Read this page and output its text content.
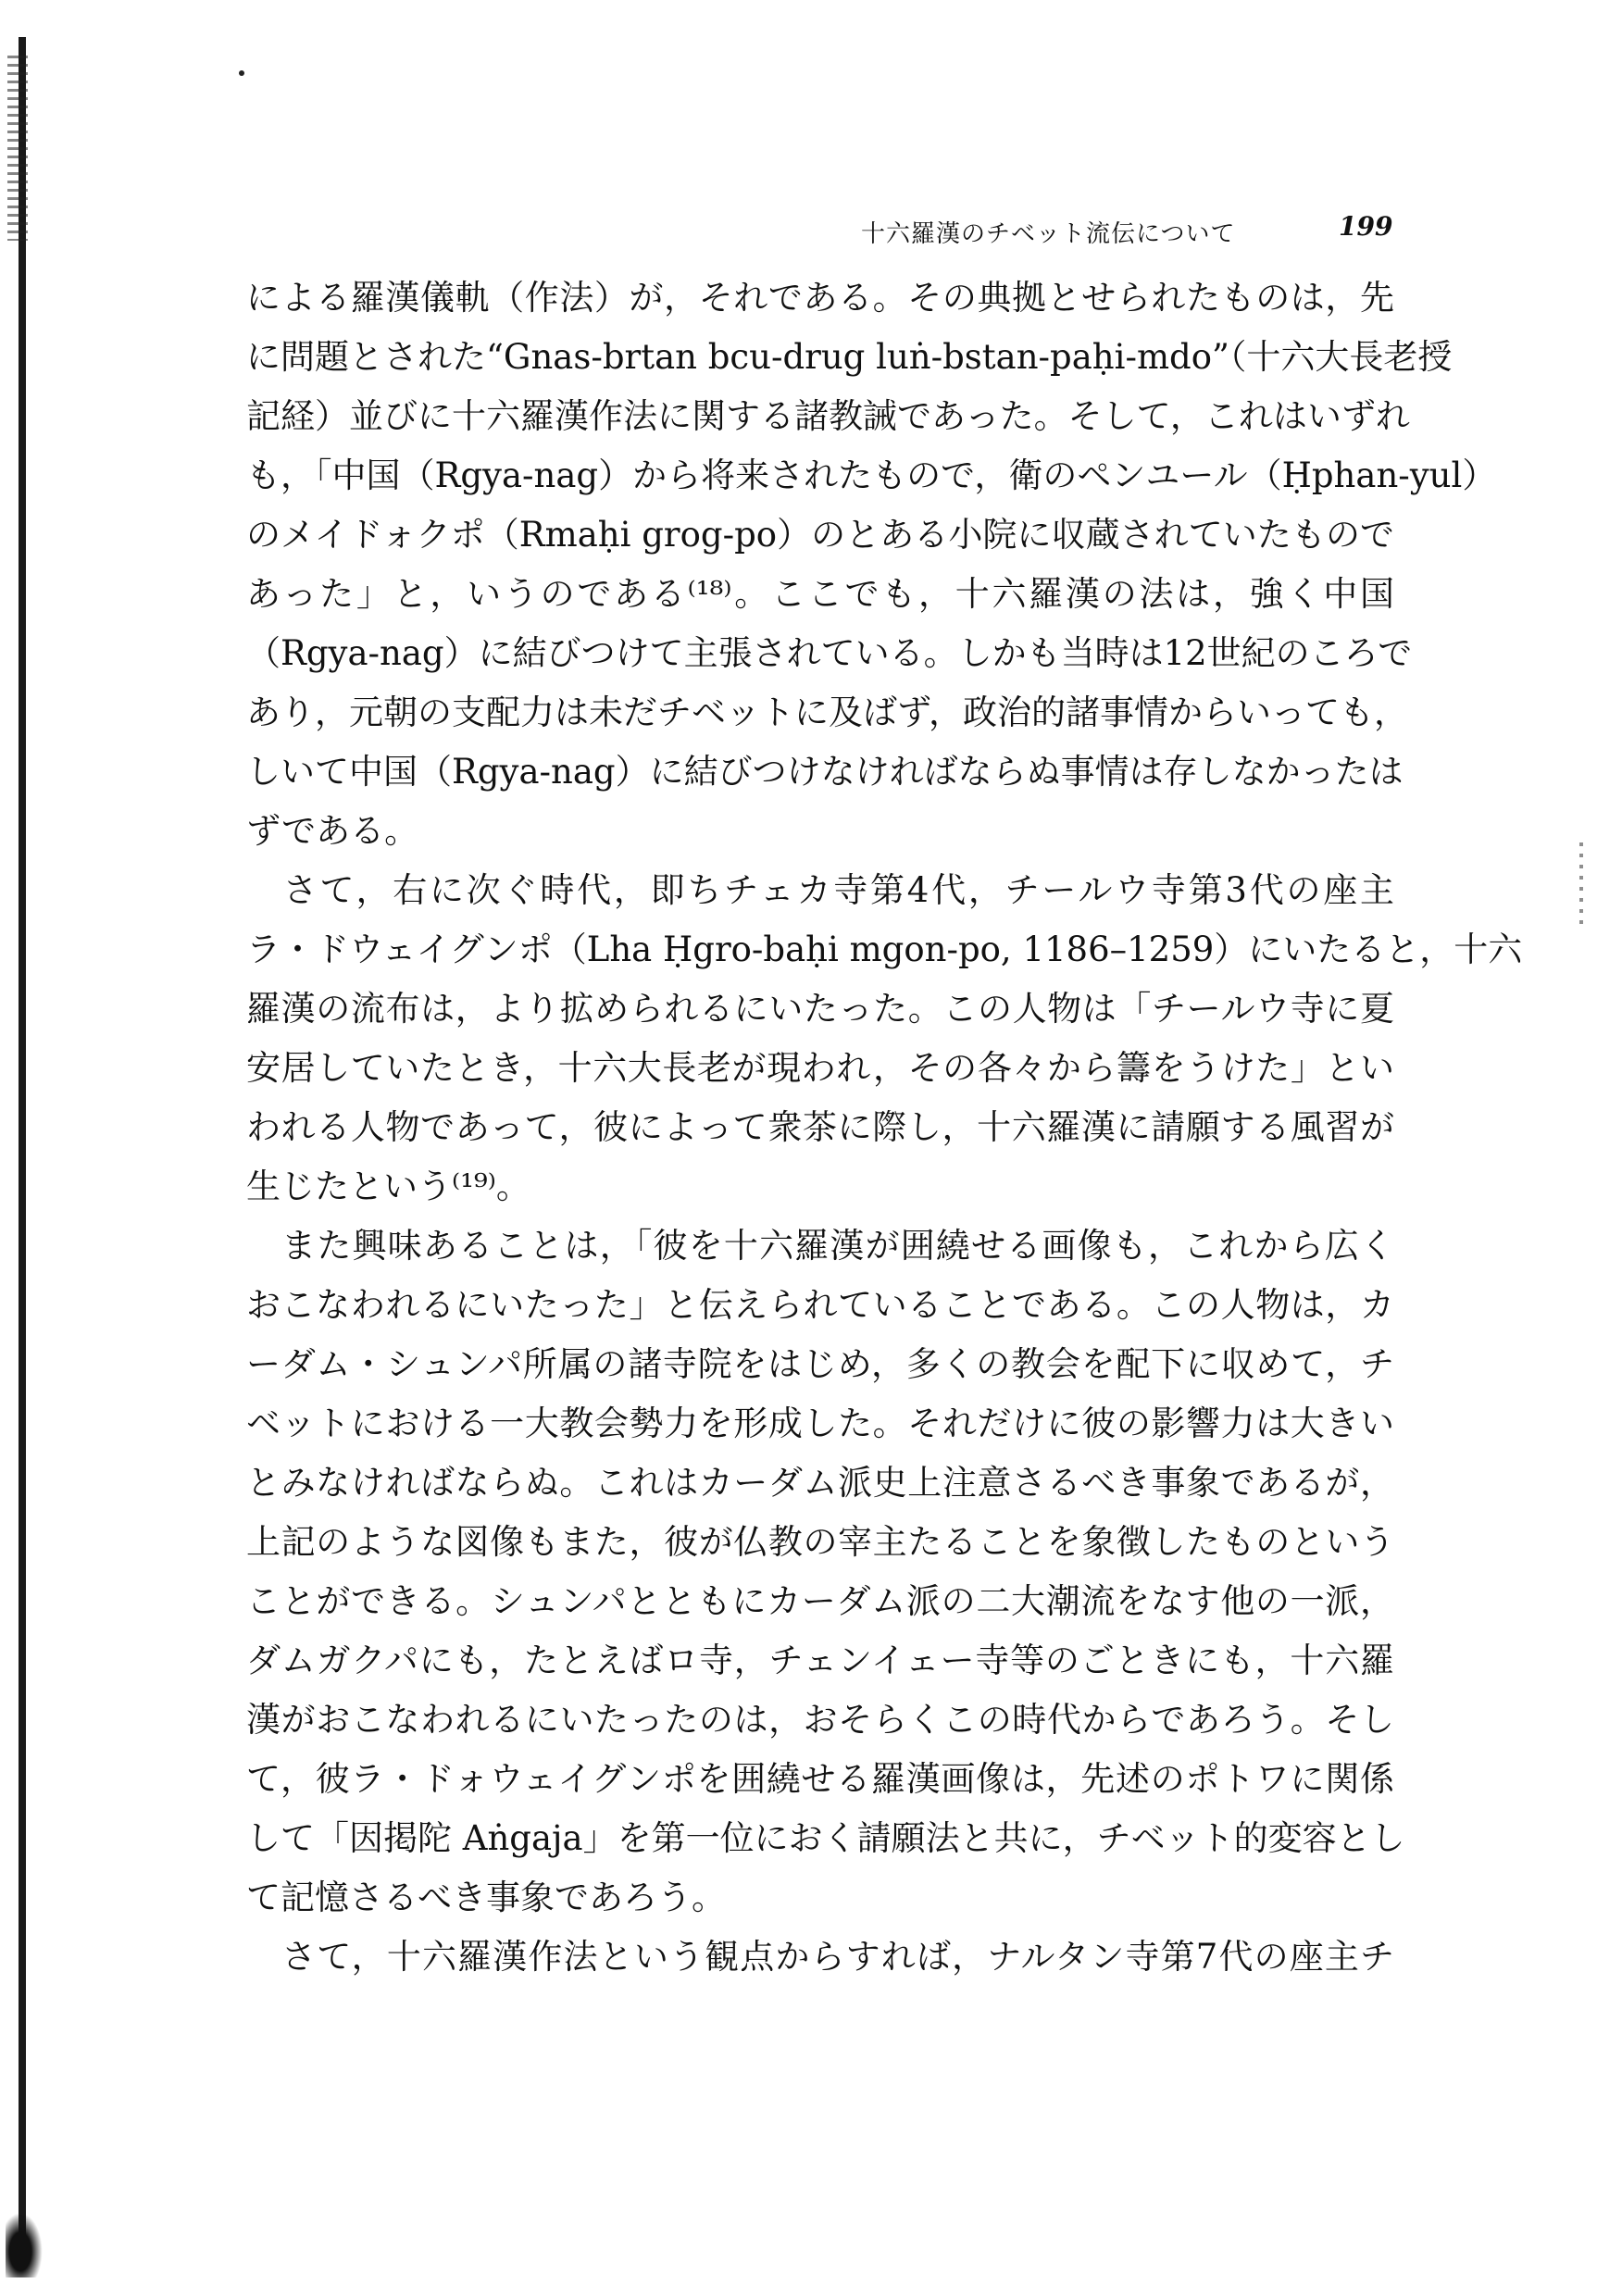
十六羅漢のチベット流伝について	199
による羅漢儀軌（作法）が，それである。その典拠とせられたものは，先
に問題とされた“Gnas-brtan bcu-drug luṅ-bstan-paḥi-mdo”（十六大長老授
記経）並びに十六羅漢作法に関する諸教誡であった。そして，これはいずれ
も，「中国（Rgya-nag）から将来されたもので，衛のペンユール（Ḥphan-yul）
のメイドォクポ（Rmaḥi grog-po）のとある小院に収蔵されていたもので
あった」と，いうのである⁽¹⁸⁾。ここでも，十六羅漢の法は，強く中国
（Rgya-nag）に結びつけて主張されている。しかも当時は12世紀のころで
あり，元朝の支配力は未だチベットに及ばず，政治的諸事情からいっても，
しいて中国（Rgya-nag）に結びつけなければならぬ事情は存しなかったは
ずである。
　さて，右に次ぐ時代，即ちチェカ寺第4代，チールウ寺第3代の座主
ラ・ドウェイグンポ（Lha Ḥgro-baḥi mgon-po, 1186–1259）にいたると，十六
羅漢の流布は，より拡められるにいたった。この人物は「チールウ寺に夏
安居していたとき，十六大長老が現われ，その各々から籌をうけた」とい
われる人物であって，彼によって衆茶に際し，十六羅漢に請願する風習が
生じたという⁽¹⁹⁾。
　また興味あることは，「彼を十六羅漢が囲繞せる画像も，これから広く
おこなわれるにいたった」と伝えられていることである。この人物は，カ
ーダム・シュンパ所属の諸寺院をはじめ，多くの教会を配下に収めて，チ
ベットにおける一大教会勢力を形成した。それだけに彼の影響力は大きい
とみなければならぬ。これはカーダム派史上注意さるべき事象であるが，
上記のような図像もまた，彼が仏教の宰主たることを象徴したものという
ことができる。シュンパとともにカーダム派の二大潮流をなす他の一派，
ダムガクパにも，たとえばロ寺，チェンイェー寺等のごときにも，十六羅
漢がおこなわれるにいたったのは，おそらくこの時代からであろう。そし
て，彼ラ・ドォウェイグンポを囲繞せる羅漢画像は，先述のポトワに関係
して「因掲陀 Aṅgaja」を第一位におく請願法と共に，チベット的変容とし
て記憶さるべき事象であろう。
　さて，十六羅漢作法という観点からすれば，ナルタン寺第7代の座主チ
